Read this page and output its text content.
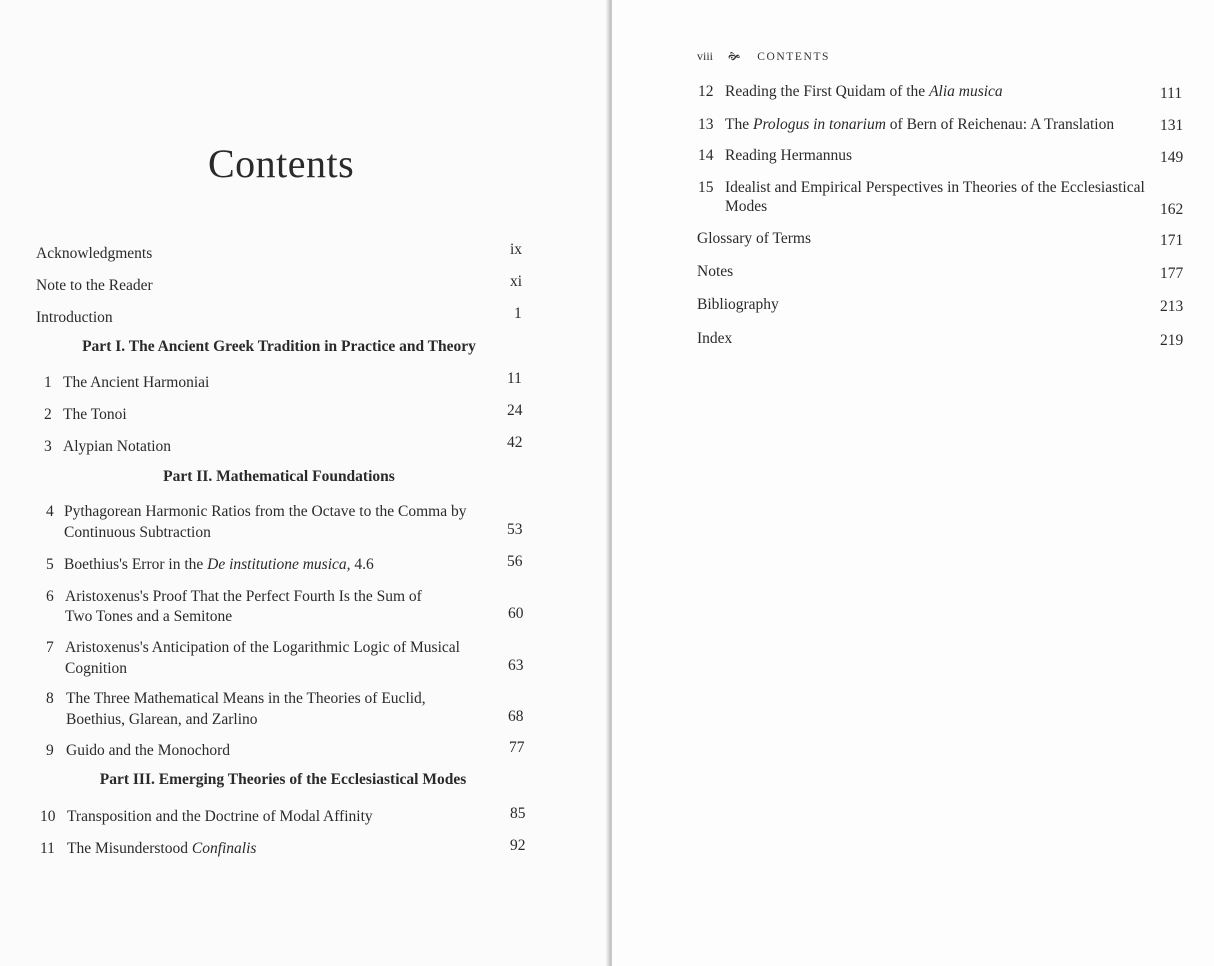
Contents
Acknowledgments	ix
Note to the Reader	xi
Introduction	1
Part I. The Ancient Greek Tradition in Practice and Theory
1 The Ancient Harmoniai	11
2 The Tonoi	24
3 Alypian Notation	42
Part II. Mathematical Foundations
4 Pythagorean Harmonic Ratios from the Octave to the Comma by
Continuous Subtraction	53
5 Boethius's Error in the De institutione musica, 4.6	56
6 Aristoxenus's Proof That the Perfect Fourth Is the Sum of
Two Tones and a Semitone	60
7 Aristoxenus's Anticipation of the Logarithmic Logic of Musical
Cognition	63
8 The Three Mathematical Means in the Theories of Euclid,
Boethius, Glarean, and Zarlino	68
9 Guido and the Monochord	77
Part III. Emerging Theories of the Ecclesiastical Modes
10 Transposition and the Doctrine of Modal Affinity	85
11 The Misunderstood Confinalis	92
viii 🙞 CONTENTS
12 Reading the First Quidam of the Alia musica	111
13 The Prologus in tonarium of Bern of Reichenau: A Translation	131
14 Reading Hermannus	149
15 Idealist and Empirical Perspectives in Theories of the Ecclesiastical
Modes	162
Glossary of Terms	171
Notes	177
Bibliography	213
Index	219
